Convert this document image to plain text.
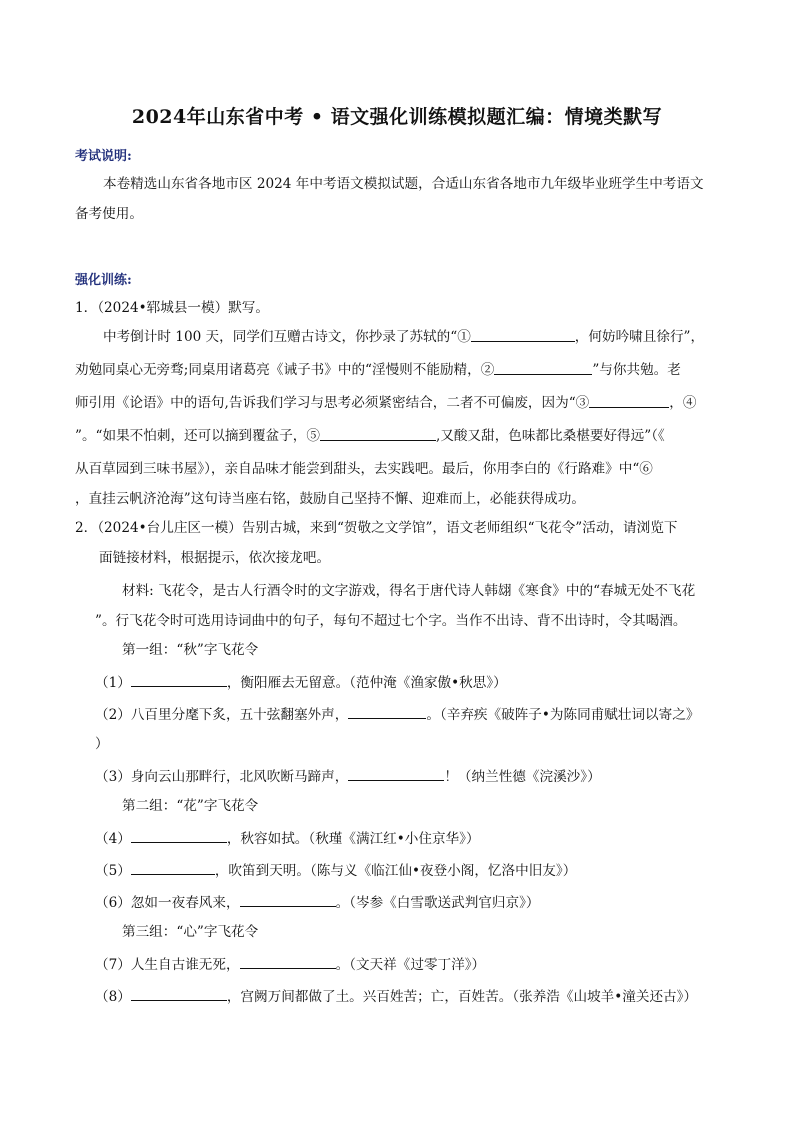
2024年山东省中考 • 语文强化训练模拟题汇编：情境类默写
考试说明:
本卷精选山东省各地市区 2024 年中考语文模拟试题，合适山东省各地市九年级毕业班学生中考语文
备考使用。
强化训练:
1．（2024•郓城县一模）默写。
中考倒计时 100 天，同学们互赠古诗文，你抄录了苏轼的“①	，何妨吟啸且徐行”，
劝勉同桌心无旁骛;同桌用诸葛亮《诫子书》中的“淫慢则不能励精，②	”与你共勉。老
师引用《论语》中的语句,告诉我们学习与思考必须紧密结合，二者不可偏废，因为“③	，④
”。“如果不怕刺，还可以摘到覆盆子，⑤	,又酸又甜，色味都比桑椹要好得远”（《
从百草园到三味书屋》），亲自品味才能尝到甜头，去实践吧。最后，你用李白的《行路难》中“⑥
，直挂云帆济沧海”这句诗当座右铭，鼓励自己坚持不懈、迎难而上，必能获得成功。
2．（2024•台儿庄区一模）告别古城，来到“贺敬之文学馆”，语文老师组织“飞花令”活动，请浏览下
面链接材料，根据提示，依次接龙吧。
材料: 飞花令，是古人行酒令时的文字游戏，得名于唐代诗人韩翃《寒食》中的“春城无处不飞花
”。行飞花令时可选用诗词曲中的句子，每句不超过七个字。当作不出诗、背不出诗时，令其喝酒。
第一组：“秋”字飞花令
（1）	，衡阳雁去无留意。（范仲淹《渔家傲•秋思》）
（2）八百里分麾下炙，五十弦翻塞外声，	。（辛弃疾《破阵子•为陈同甫赋壮词以寄之》
）
（3）身向云山那畔行，北风吹断马蹄声，	！（纳兰性德《浣溪沙》）
第二组：“花”字飞花令
（4）	，秋容如拭。（秋瑾《满江红•小住京华》）
（5）	，吹笛到天明。（陈与义《临江仙•夜登小阁，忆洛中旧友》）
（6）忽如一夜春风来，	。（岑参《白雪歌送武判官归京》）
第三组：“心”字飞花令
（7）人生自古谁无死，	。（文天祥《过零丁洋》）
（8）	，宫阙万间都做了土。兴百姓苦；亡，百姓苦。（张养浩《山坡羊•潼关还古》）
